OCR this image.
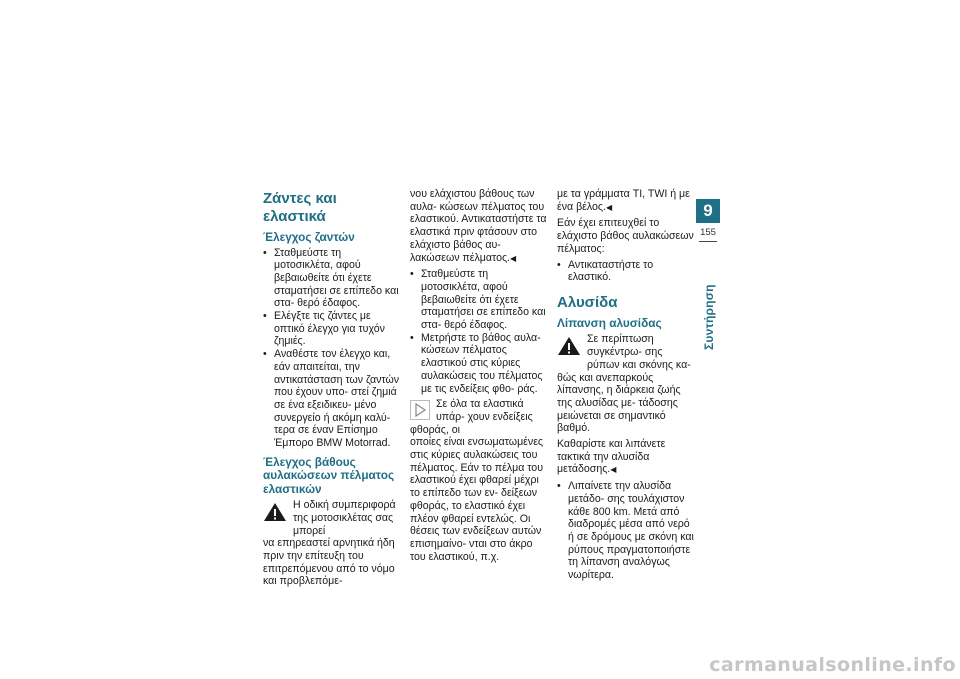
Ζάντες και ελαστικά
Έλεγχος ζαντών
• Σταθμεύστε τη μοτοσικλέτα, αφού βεβαιωθείτε ότι έχετε σταματήσει σε επίπεδο και στα- θερό έδαφος.
• Ελέγξτε τις ζάντες με οπτικό έλεγχο για τυχόν ζημιές.
• Αναθέστε τον έλεγχο και, εάν απαιτείται, την αντικατάσταση των ζαντών που έχουν υπο- στεί ζημιά σε ένα εξειδικευ- μένο συνεργείο ή ακόμη καλύ- τερα σε έναν Επίσημο Έμπορο BMW Motorrad.
Έλεγχος βάθους αυλακώσεων πέλματος ελαστικών
Η οδική συμπεριφορά της μοτοσικλέτας σας μπορεί

να επηρεαστεί αρνητικά ήδη πριν την επίτευξη του επιτρεπόμενου από το νόμο και προβλεπόμε-

νου ελάχιστου βάθους των αυλα- κώσεων πέλματος του ελαστικού. Αντικαταστήστε τα ελαστικά πριν φτάσουν στο ελάχιστο βάθος αυ- λακώσεων πέλματος.◀

• Σταθμεύστε τη μοτοσικλέτα, αφού βεβαιωθείτε ότι έχετε σταματήσει σε επίπεδο και στα- θερό έδαφος.
• Μετρήστε το βάθος αυλα- κώσεων πέλματος ελαστικού στις κύριες αυλακώσεις του πέλματος με τις ενδείξεις φθο- ράς.
Σε όλα τα ελαστικά υπάρ- χουν ενδείξεις φθοράς, οι
οποίες είναι ενσωματωμένες στις κύριες αυλακώσεις του πέλματος. Εάν το πέλμα του ελαστικού έχει φθαρεί μέχρι το επίπεδο των εν- δείξεων φθοράς, το ελαστικό έχει πλέον φθαρεί εντελώς. Οι θέσεις των ενδείξεων αυτών επισημαίνο- νται στο άκρο του ελαστικού, π.χ.

με τα γράμματα TI, TWI ή με ένα βέλος.◀

Εάν έχει επιτευχθεί το ελάχιστο βάθος αυλακώσεων πέλματος:

• Αντικαταστήστε το ελαστικό.
Αλυσίδα
Λίπανση αλυσίδας
Σε περίπτωση συγκέντρω- σης ρύπων και σκόνης κα-

θώς και ανεπαρκούς λίπανσης, η διάρκεια ζωής της αλυσίδας με- τάδοσης μειώνεται σε σημαντικό βαθμό.

Καθαρίστε και λιπάνετε τακτικά την αλυσίδα μετάδοσης.◀

• Λιπαίνετε την αλυσίδα μετάδο- σης τουλάχιστον κάθε 800 km. Μετά από διαδρομές μέσα από νερό ή σε δρόμους με σκόνη και ρύπους πραγματοποιήστε τη λίπανση αναλόγως νωρίτερα.
9
155
Συντήρηση
carmanualsonline.info
